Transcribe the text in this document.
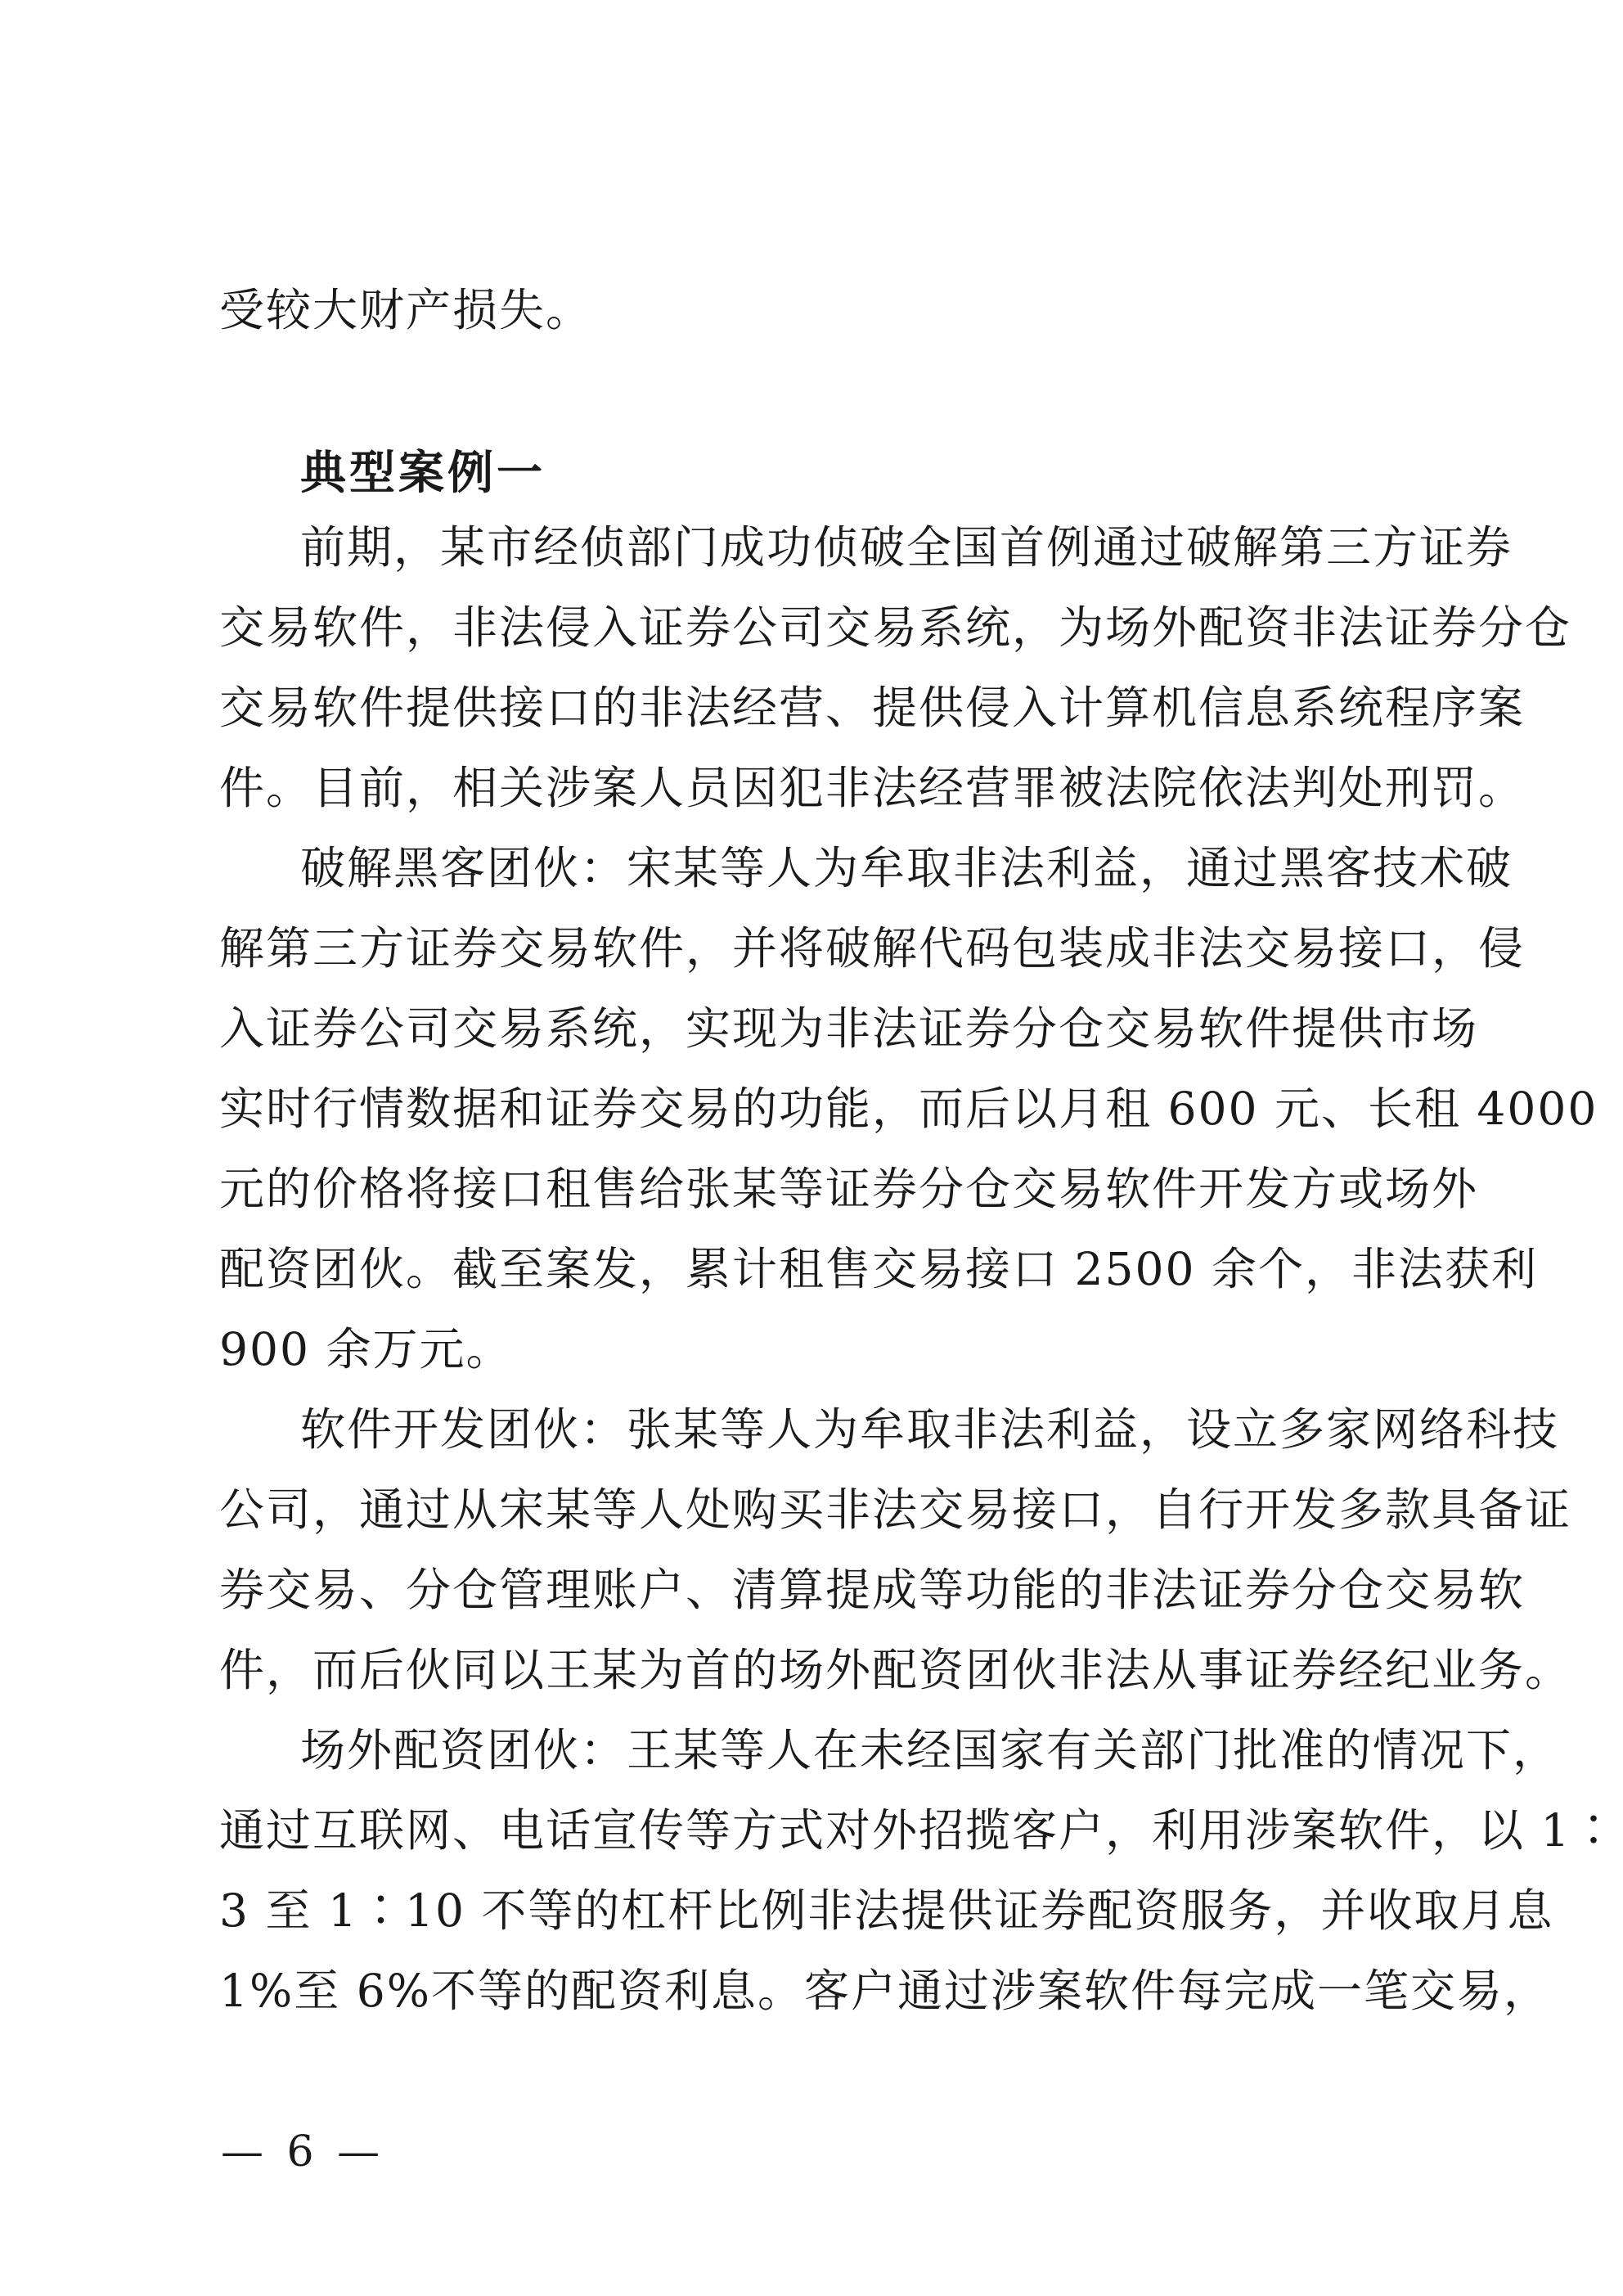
受较大财产损失。
典型案例一
前期，某市经侦部门成功侦破全国首例通过破解第三方证券
交易软件，非法侵入证券公司交易系统，为场外配资非法证券分仓
交易软件提供接口的非法经营、提供侵入计算机信息系统程序案
件。目前，相关涉案人员因犯非法经营罪被法院依法判处刑罚。
破解黑客团伙：宋某等人为牟取非法利益，通过黑客技术破
解第三方证券交易软件，并将破解代码包装成非法交易接口，侵
入证券公司交易系统，实现为非法证券分仓交易软件提供市场
实时行情数据和证券交易的功能，而后以月租 600 元、长租 4000
元的价格将接口租售给张某等证券分仓交易软件开发方或场外
配资团伙。截至案发，累计租售交易接口 2500 余个，非法获利
900 余万元。
软件开发团伙：张某等人为牟取非法利益，设立多家网络科技
公司，通过从宋某等人处购买非法交易接口，自行开发多款具备证
券交易、分仓管理账户、清算提成等功能的非法证券分仓交易软
件，而后伙同以王某为首的场外配资团伙非法从事证券经纪业务。
场外配资团伙：王某等人在未经国家有关部门批准的情况下，
通过互联网、电话宣传等方式对外招揽客户，利用涉案软件，以 1∶
3 至 1∶10 不等的杠杆比例非法提供证券配资服务，并收取月息
1%至 6%不等的配资利息。客户通过涉案软件每完成一笔交易，
— 6 —
